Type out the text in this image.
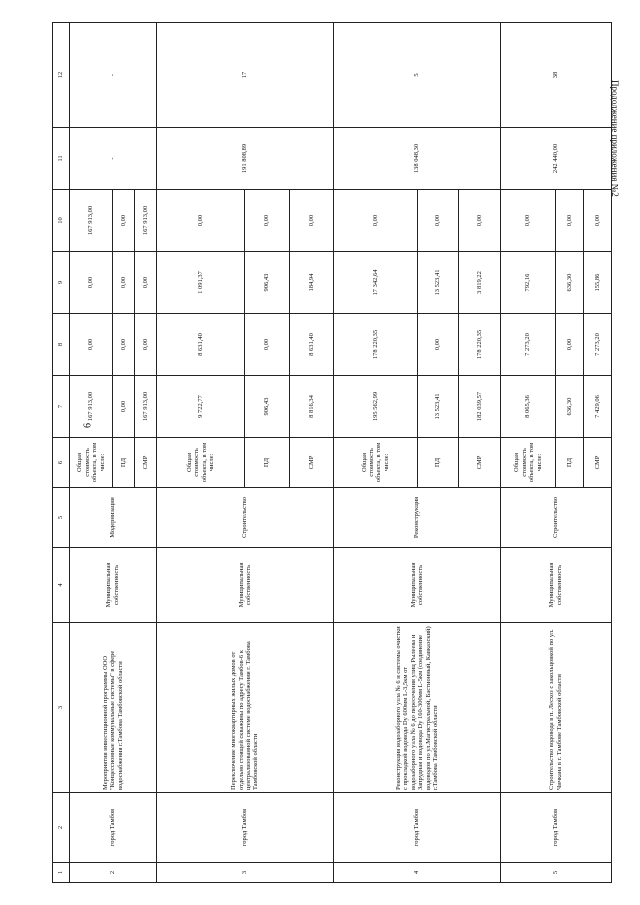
6
Продолжение приложения №2
1	2	3	4	5	6	7	8	9	10	11	12
2	город Тамбов	Мероприятия инвестиционной программы ООО "Концессионные коммунальные системы" в сфере водоснабжения г.Тамбова Тамбовской области	Муниципальная собственность	Модернизация	Общая стоимость объекта, в том числе:	167 913,00	0,00	0,00	167 913,00	-	-
					ПД	0,00	0,00	0,00	0,00		
					СМР	167 913,00	0,00	0,00	167 913,00		
3	город Тамбов	Переключение многоквартирных жилых домов от отдельно стоящей скважины по адресу Тамбов-6 к централизованной системе водоснабжения г. Тамбова Тамбовской области	Муниципальная собственность	Строительство	Общая стоимость объекта, в том числе:	9 722,77	8 631,40	1 091,37	0,00	191 808,89	17
					ПД	906,43	0,00	906,43	0,00		
					СМР	8 816,34	8 631,40	184,94	0,00		
4	город Тамбов	Реконструкция водозаборного узла № 6 и системы очистки с прокладкой водовода Dу 600мм L-3,5км от водозаборного узла № 6 до пересечения улиц Рылеева и Запрудная и водовода Dу 160-300мм L-5км (соединение водоводов по ул.Магистральной, Бастионный, Кавказский) г.Тамбова Тамбовской области	Муниципальная собственность	Реконструкция	Общая стоимость объекта, в том числе:	195 562,99	178 220,35	17 342,64	0,00	138 048,30	5
					ПД	13 523,41	0,00	13 523,41	0,00		
					СМР	182 039,57	178 220,35	3 819,22	0,00		
5	город Тамбов	Строительство водовода в п. Лесхоз с закольцовкой по ул. Чичкана в г. Тамбове Тамбовской области	Муниципальная собственность	Строительство	Общая стоимость объекта, в том числе:	8 065,36	7 273,20	792,16	0,00	242 440,00	38
					ПД	636,30	0,00	636,30	0,00		
					СМР	7 429,06	7 273,20	155,86	0,00		
